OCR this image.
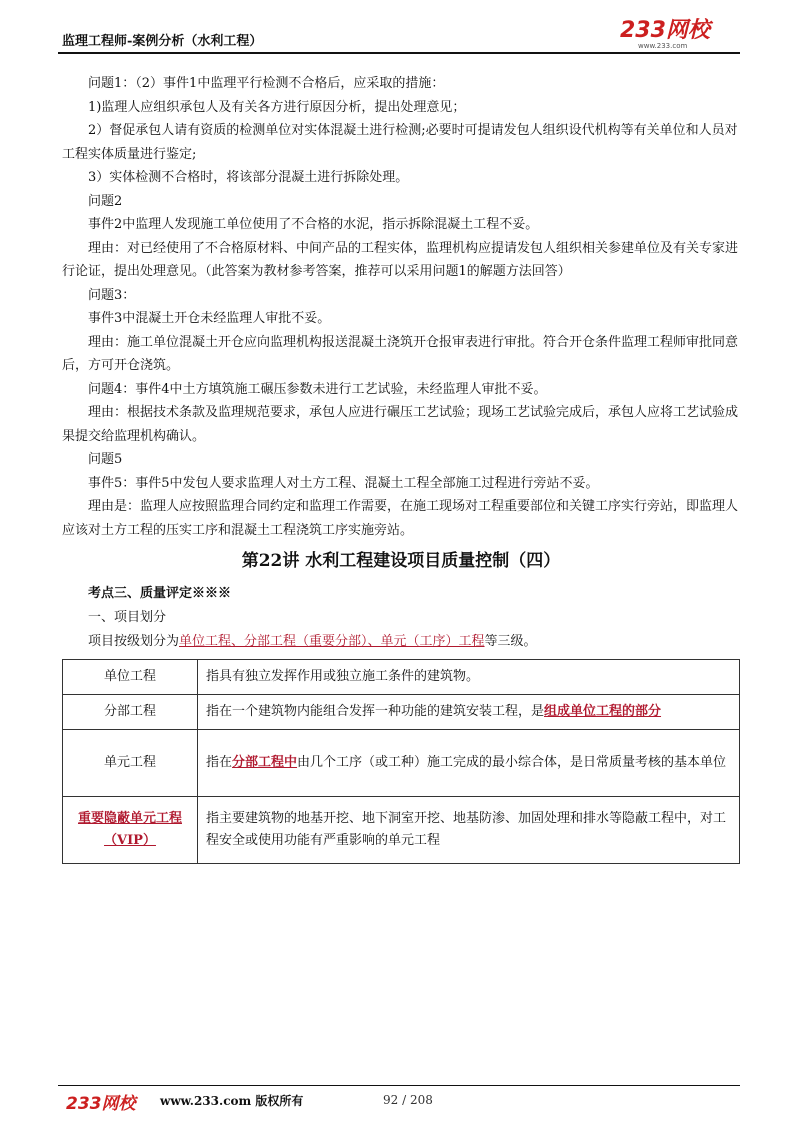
监理工程师-案例分析（水利工程）	233网校
www.233.com

问题1：（2）事件1中监理平行检测不合格后，应采取的措施：

1)监理人应组织承包人及有关各方进行原因分析，提出处理意见；

2）督促承包人请有资质的检测单位对实体混凝土进行检测;必要时可提请发包人组织设代机构等有关单位和人员对工程实体质量进行鉴定;

3）实体检测不合格时，将该部分混凝土进行拆除处理。

问题2

事件2中监理人发现施工单位使用了不合格的水泥，指示拆除混凝土工程不妥。

理由：对已经使用了不合格原材料、中间产品的工程实体，监理机构应提请发包人组织相关参建单位及有关专家进行论证，提出处理意见。（此答案为教材参考答案，推荐可以采用问题1的解题方法回答）

问题3：

事件3中混凝土开仓未经监理人审批不妥。

理由：施工单位混凝土开仓应向监理机构报送混凝土浇筑开仓报审表进行审批。符合开仓条件监理工程师审批同意后，方可开仓浇筑。

问题4：事件4中土方填筑施工碾压参数未进行工艺试验，未经监理人审批不妥。

理由：根据技术条款及监理规范要求，承包人应进行碾压工艺试验；现场工艺试验完成后，承包人应将工艺试验成果提交给监理机构确认。

问题5

事件5：事件5中发包人要求监理人对土方工程、混凝土工程全部施工过程进行旁站不妥。

理由是：监理人应按照监理合同约定和监理工作需要，在施工现场对工程重要部位和关键工序实行旁站，即监理人应该对土方工程的压实工序和混凝土工程浇筑工序实施旁站。

第22讲 水利工程建设项目质量控制（四）

考点三、质量评定※※※

一、项目划分

项目按级划分为单位工程、分部工程（重要分部）、单元（工序）工程等三级。

单位工程	指具有独立发挥作用或独立施工条件的建筑物。
分部工程	指在一个建筑物内能组合发挥一种功能的建筑安装工程，是组成单位工程的部分
单元工程	指在分部工程中由几个工序（或工种）施工完成的最小综合体，是日常质量考核的基本单位
重要隐蔽单元工程（VIP）	指主要建筑物的地基开挖、地下洞室开挖、地基防渗、加固处理和排水等隐蔽工程中，对工程安全或使用功能有严重影响的单元工程
233网校 www.233.com 版权所有	92 / 208
